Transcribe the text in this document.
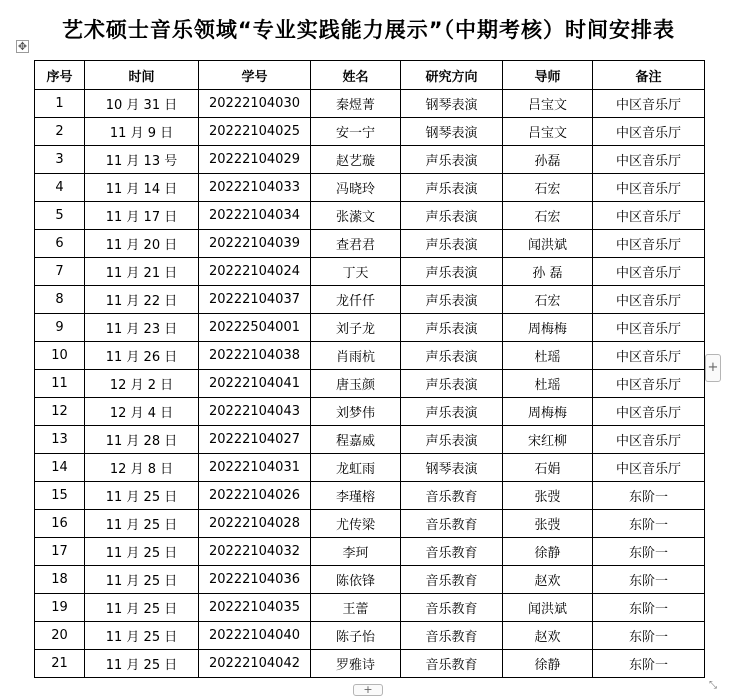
艺术硕士音乐领域“专业实践能力展示”（中期考核）时间安排表
✥
序号	时间	学号	姓名	研究方向	导师	备注
1	10 月 31 日	20222104030	秦煜菁	钢琴表演	吕宝文	中区音乐厅
2	11 月 9 日	20222104025	安一宁	钢琴表演	吕宝文	中区音乐厅
3	11 月 13 号	20222104029	赵艺璇	声乐表演	孙磊	中区音乐厅
4	11 月 14 日	20222104033	冯晓玲	声乐表演	石宏	中区音乐厅
5	11 月 17 日	20222104034	张潆文	声乐表演	石宏	中区音乐厅
6	11 月 20 日	20222104039	查君君	声乐表演	闻洪斌	中区音乐厅
7	11 月 21 日	20222104024	丁天	声乐表演	孙 磊	中区音乐厅
8	11 月 22 日	20222104037	龙仟仟	声乐表演	石宏	中区音乐厅
9	11 月 23 日	20222504001	刘子龙	声乐表演	周梅梅	中区音乐厅
10	11 月 26 日	20222104038	肖雨杭	声乐表演	杜瑶	中区音乐厅
11	12 月 2 日	20222104041	唐玉颜	声乐表演	杜瑶	中区音乐厅
12	12 月 4 日	20222104043	刘梦伟	声乐表演	周梅梅	中区音乐厅
13	11 月 28 日	20222104027	程嘉威	声乐表演	宋红柳	中区音乐厅
14	12 月 8 日	20222104031	龙虹雨	钢琴表演	石娟	中区音乐厅
15	11 月 25 日	20222104026	李瑾榕	音乐教育	张弢	东阶一
16	11 月 25 日	20222104028	尤传梁	音乐教育	张弢	东阶一
17	11 月 25 日	20222104032	李珂	音乐教育	徐静	东阶一
18	11 月 25 日	20222104036	陈依锋	音乐教育	赵欢	东阶一
19	11 月 25 日	20222104035	王蕾	音乐教育	闻洪斌	东阶一
20	11 月 25 日	20222104040	陈子怡	音乐教育	赵欢	东阶一
21	11 月 25 日	20222104042	罗雅诗	音乐教育	徐静	东阶一
+
+	⤡
